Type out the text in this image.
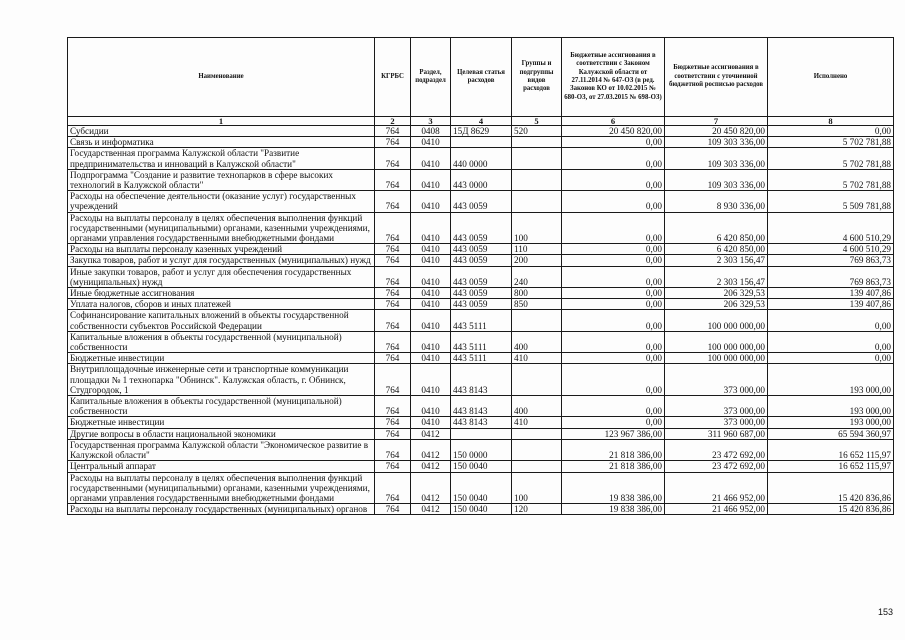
Наименование	КГРБС	Раздел, подраздел	Целевая статья расходов	Группы и подгруппы видов расходов	Бюджетные ассигнования в соответствии с Законом Калужской области от 27.11.2014 № 647-ОЗ (в ред. Законов КО от 10.02.2015 № 680-ОЗ, от 27.03.2015 № 698-ОЗ)	Бюджетные ассигнования в соответствии с уточненной бюджетной росписью расходов	Исполнено
1	2	3	4	5	6	7	8
Субсидии	764	0408	15Д 8629	520	20 450 820,00	20 450 820,00	0,00
Связь и информатика	764	0410			0,00	109 303 336,00	5 702 781,88
Государственная программа Калужской области "Развитие предпринимательства и инноваций в Калужской области"	764	0410	440 0000		0,00	109 303 336,00	5 702 781,88
Подпрограмма "Создание и развитие технопарков в сфере высоких технологий в Калужской области"	764	0410	443 0000		0,00	109 303 336,00	5 702 781,88
Расходы на обеспечение деятельности (оказание услуг) государственных учреждений	764	0410	443 0059		0,00	8 930 336,00	5 509 781,88
Расходы на выплаты персоналу в целях обеспечения выполнения функций государственными (муниципальными) органами, казенными учреждениями, органами управления государственными внебюджетными фондами	764	0410	443 0059	100	0,00	6 420 850,00	4 600 510,29
Расходы на выплаты персоналу казенных учреждений	764	0410	443 0059	110	0,00	6 420 850,00	4 600 510,29
Закупка товаров, работ и услуг для государственных (муниципальных) нужд	764	0410	443 0059	200	0,00	2 303 156,47	769 863,73
Иные закупки товаров, работ и услуг для обеспечения государственных (муниципальных) нужд	764	0410	443 0059	240	0,00	2 303 156,47	769 863,73
Иные бюджетные ассигнования	764	0410	443 0059	800	0,00	206 329,53	139 407,86
Уплата налогов, сборов и иных платежей	764	0410	443 0059	850	0,00	206 329,53	139 407,86
Софинансирование капитальных вложений в объекты государственной собственности субъектов Российской Федерации	764	0410	443 5111		0,00	100 000 000,00	0,00
Капитальные вложения в объекты государственной (муниципальной) собственности	764	0410	443 5111	400	0,00	100 000 000,00	0,00
Бюджетные инвестиции	764	0410	443 5111	410	0,00	100 000 000,00	0,00
Внутриплощадочные инженерные сети и транспортные коммуникации площадки № 1 технопарка "Обнинск". Калужская область, г. Обнинск, Студгородок, 1	764	0410	443 8143		0,00	373 000,00	193 000,00
Капитальные вложения в объекты государственной (муниципальной) собственности	764	0410	443 8143	400	0,00	373 000,00	193 000,00
Бюджетные инвестиции	764	0410	443 8143	410	0,00	373 000,00	193 000,00
Другие вопросы в области национальной экономики	764	0412			123 967 386,00	311 960 687,00	65 594 360,97
Государственная программа Калужской области "Экономическое развитие в Калужской области"	764	0412	150 0000		21 818 386,00	23 472 692,00	16 652 115,97
Центральный аппарат	764	0412	150 0040		21 818 386,00	23 472 692,00	16 652 115,97
Расходы на выплаты персоналу в целях обеспечения выполнения функций государственными (муниципальными) органами, казенными учреждениями, органами управления государственными внебюджетными фондами	764	0412	150 0040	100	19 838 386,00	21 466 952,00	15 420 836,86
Расходы на выплаты персоналу государственных (муниципальных) органов	764	0412	150 0040	120	19 838 386,00	21 466 952,00	15 420 836,86
153
